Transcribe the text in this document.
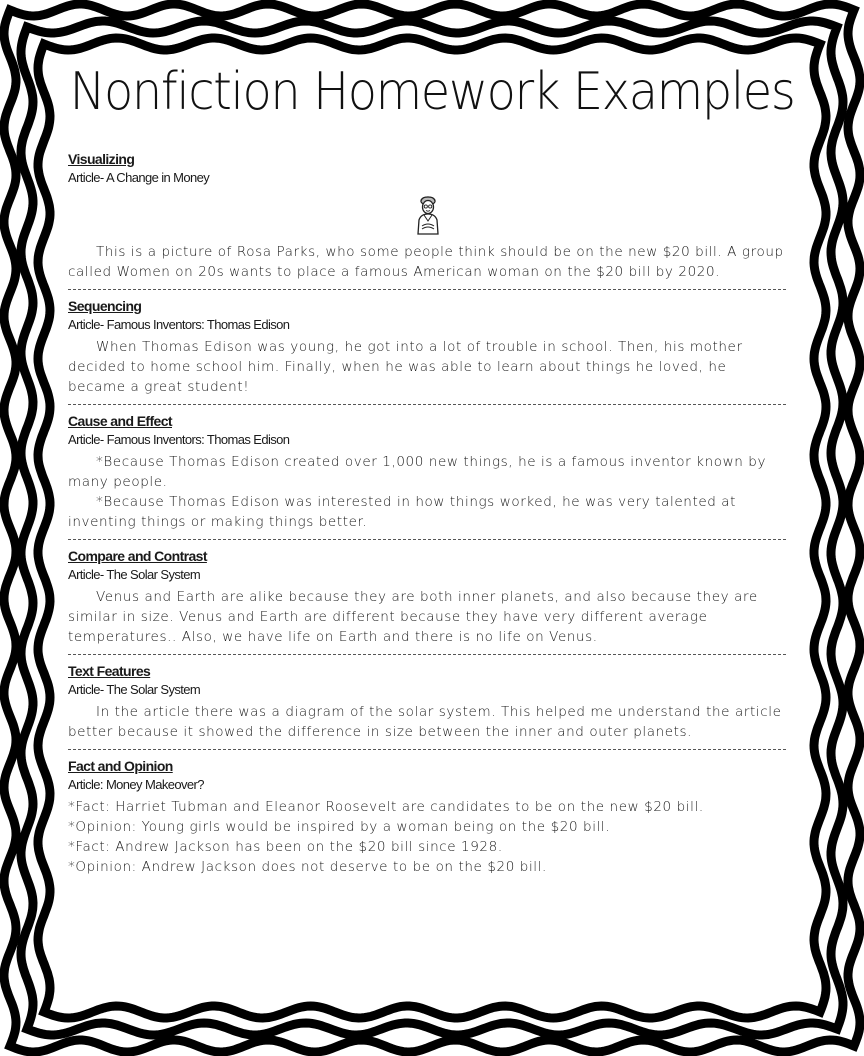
Nonfiction Homework Examples

Visualizing

Article- A Change in Money

This is a picture of Rosa Parks, who some people think should be on the new $20 bill. A group called Women on 20s wants to place a famous American woman on the $20 bill by 2020.

Sequencing

Article- Famous Inventors: Thomas Edison

When Thomas Edison was young, he got into a lot of trouble in school. Then, his mother decided to home school him. Finally, when he was able to learn about things he loved, he became a great student!

Cause and Effect

Article- Famous Inventors: Thomas Edison

*Because Thomas Edison created over 1,000 new things, he is a famous inventor known by many people.

*Because Thomas Edison was interested in how things worked, he was very talented at inventing things or making things better.

Compare and Contrast

Article- The Solar System

Venus and Earth are alike because they are both inner planets, and also because they are similar in size. Venus and Earth are different because they have very different average temperatures.. Also, we have life on Earth and there is no life on Venus.

Text Features

Article- The Solar System

In the article there was a diagram of the solar system. This helped me understand the article better because it showed the difference in size between the inner and outer planets.

Fact and Opinion

Article: Money Makeover?

*Fact: Harriet Tubman and Eleanor Roosevelt are candidates to be on the new $20 bill.

*Opinion: Young girls would be inspired by a woman being on the $20 bill.

*Fact: Andrew Jackson has been on the $20 bill since 1928.

*Opinion: Andrew Jackson does not deserve to be on the $20 bill.
